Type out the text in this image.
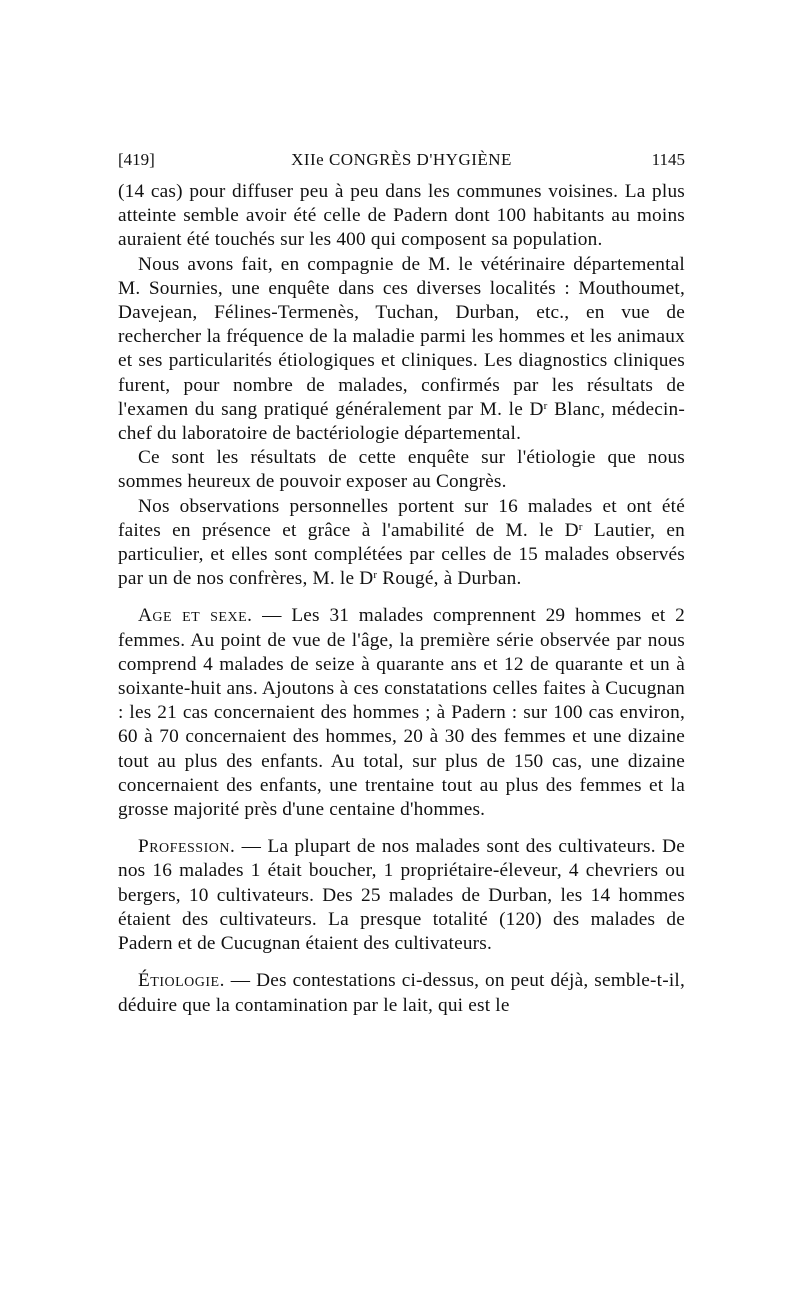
[419]	XIIe CONGRÈS D'HYGIÈNE	1145

(14 cas) pour diffuser peu à peu dans les communes voisines. La plus atteinte semble avoir été celle de Padern dont 100 habitants au moins auraient été touchés sur les 400 qui composent sa population.

Nous avons fait, en compagnie de M. le vétérinaire départemental M. Sournies, une enquête dans ces diverses localités : Mouthoumet, Davejean, Félines-Termenès, Tuchan, Durban, etc., en vue de rechercher la fréquence de la maladie parmi les hommes et les animaux et ses particularités étiologiques et cliniques. Les diagnostics cliniques furent, pour nombre de malades, confirmés par les résultats de l'examen du sang pratiqué généralement par M. le $D^r$ Blanc, médecin-chef du laboratoire de bactériologie départemental.

Ce sont les résultats de cette enquête sur l'étiologie que nous sommes heureux de pouvoir exposer au Congrès.

Nos observations personnelles portent sur 16 malades et ont été faites en présence et grâce à l'amabilité de M. le $D^r$ Lautier, en particulier, et elles sont complétées par celles de 15 malades observés par un de nos confrères, M. le $D^r$ Rougé, à Durban.

Age et sexe. — Les 31 malades comprennent 29 hommes et 2 femmes. Au point de vue de l'âge, la première série observée par nous comprend 4 malades de seize à quarante ans et 12 de quarante et un à soixante-huit ans. Ajoutons à ces constatations celles faites à Cucugnan : les 21 cas concernaient des hommes ; à Padern : sur 100 cas environ, 60 à 70 concernaient des hommes, 20 à 30 des femmes et une dizaine tout au plus des enfants. Au total, sur plus de 150 cas, une dizaine concernaient des enfants, une trentaine tout au plus des femmes et la grosse majorité près d'une centaine d'hommes.

Profession. — La plupart de nos malades sont des cultivateurs. De nos 16 malades 1 était boucher, 1 propriétaire-éleveur, 4 chevriers ou bergers, 10 cultivateurs. Des 25 malades de Durban, les 14 hommes étaient des cultivateurs. La presque totalité (120) des malades de Padern et de Cucugnan étaient des cultivateurs.

Étiologie. — Des contestations ci-dessus, on peut déjà, semble-t-il, déduire que la contamination par le lait, qui est le
